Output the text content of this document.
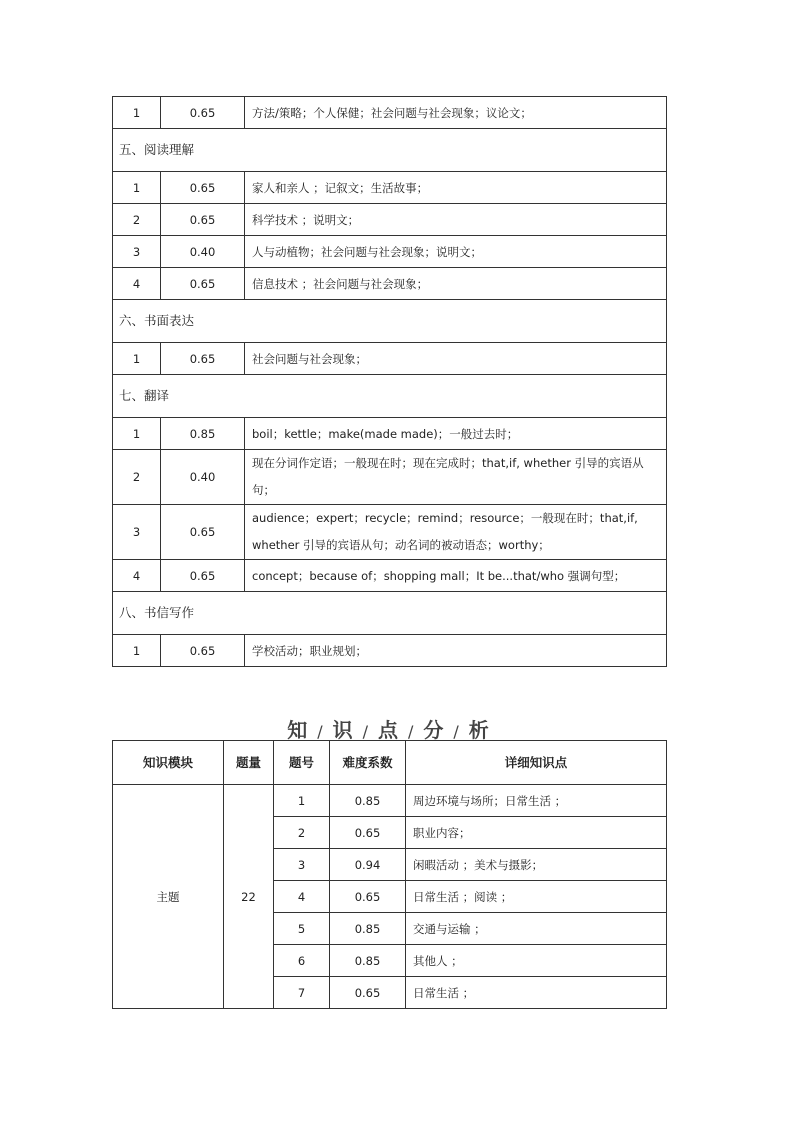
1	0.65	方法/策略；个人保健；社会问题与社会现象；议论文；
五、阅读理解		
1	0.65	家人和亲人 ；记叙文；生活故事；
2	0.65	科学技术 ；说明文；
3	0.40	人与动植物；社会问题与社会现象；说明文；
4	0.65	信息技术 ；社会问题与社会现象；
六、书面表达		
1	0.65	社会问题与社会现象；
七、翻译		
1	0.85	boil；kettle；make(made made)；一般过去时；
2	0.40	现在分词作定语；一般现在时；现在完成时；that,if, whether 引导的宾语从句；
3	0.65	audience；expert；recycle；remind；resource；一般现在时；that,if, whether 引导的宾语从句；动名词的被动语态；worthy；
4	0.65	concept；because of；shopping mall；It be...that/who 强调句型；
八、书信写作		
1	0.65	学校活动；职业规划；
知 / 识 / 点 / 分 / 析
知识模块	题量	题号	难度系数	详细知识点
主题	22	1	0.85	周边环境与场所；日常生活 ；
		2	0.65	职业内容；
		3	0.94	闲暇活动 ；美术与摄影；
		4	0.65	日常生活 ；阅读 ；
		5	0.85	交通与运输 ；
		6	0.85	其他人 ；
		7	0.65	日常生活 ；
